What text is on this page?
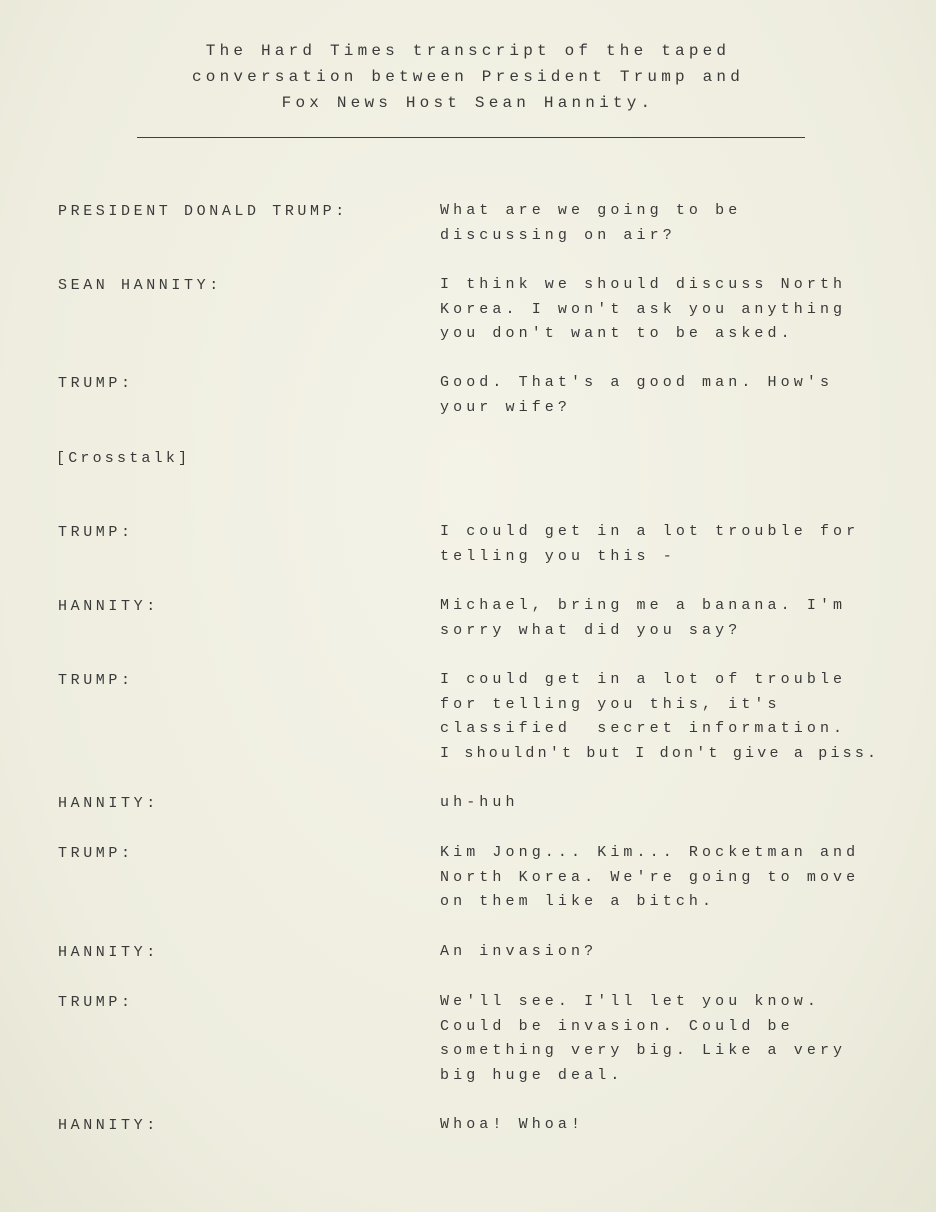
The Hard Times transcript of the taped
conversation between President Trump and
Fox News Host Sean Hannity.
PRESIDENT DONALD TRUMP:	What are we going to be
discussing on air?
SEAN HANNITY:	I think we should discuss North
Korea. I won't ask you anything
you don't want to be asked.
TRUMP:	Good. That's a good man. How's
your wife?
[Crosstalk]
TRUMP:	I could get in a lot trouble for
telling you this -
HANNITY:	Michael, bring me a banana. I'm
sorry what did you say?
TRUMP:	I could get in a lot of trouble
for telling you this, it's
classified  secret information.
I shouldn't but I don't give a piss.
HANNITY:	uh-huh
TRUMP:	Kim Jong... Kim... Rocketman and
North Korea. We're going to move
on them like a bitch.
HANNITY:	An invasion?
TRUMP:	We'll see. I'll let you know.
Could be invasion. Could be
something very big. Like a very
big huge deal.
HANNITY:	Whoa! Whoa!
